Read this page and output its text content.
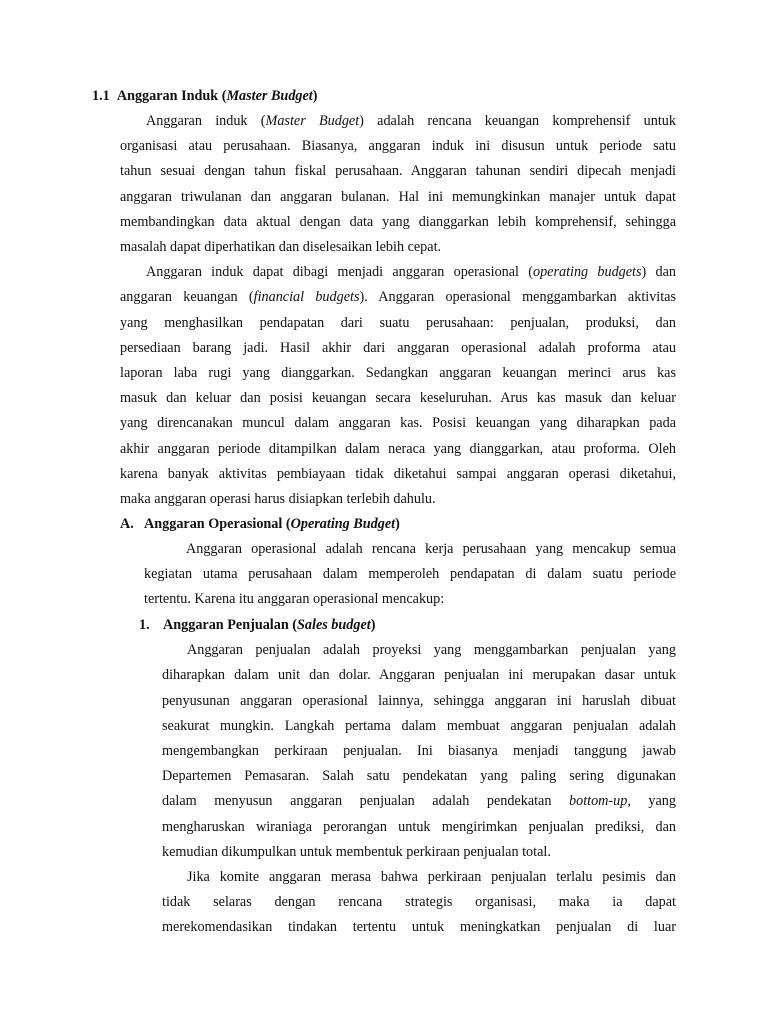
1.1 Anggaran Induk (Master Budget)
Anggaran induk (Master Budget) adalah rencana keuangan komprehensif untuk
organisasi atau perusahaan. Biasanya, anggaran induk ini disusun untuk periode satu
tahun sesuai dengan tahun fiskal perusahaan. Anggaran tahunan sendiri dipecah menjadi
anggaran triwulanan dan anggaran bulanan. Hal ini memungkinkan manajer untuk dapat
membandingkan data aktual dengan data yang dianggarkan lebih komprehensif, sehingga
masalah dapat diperhatikan dan diselesaikan lebih cepat.
Anggaran induk dapat dibagi menjadi anggaran operasional (operating budgets) dan
anggaran keuangan (financial budgets). Anggaran operasional menggambarkan aktivitas
yang menghasilkan pendapatan dari suatu perusahaan: penjualan, produksi, dan
persediaan barang jadi. Hasil akhir dari anggaran operasional adalah proforma atau
laporan laba rugi yang dianggarkan. Sedangkan anggaran keuangan merinci arus kas
masuk dan keluar dan posisi keuangan secara keseluruhan. Arus kas masuk dan keluar
yang direncanakan muncul dalam anggaran kas. Posisi keuangan yang diharapkan pada
akhir anggaran periode ditampilkan dalam neraca yang dianggarkan, atau proforma. Oleh
karena banyak aktivitas pembiayaan tidak diketahui sampai anggaran operasi diketahui,
maka anggaran operasi harus disiapkan terlebih dahulu.
A. Anggaran Operasional (Operating Budget)
Anggaran operasional adalah rencana kerja perusahaan yang mencakup semua
kegiatan utama perusahaan dalam memperoleh pendapatan di dalam suatu periode
tertentu. Karena itu anggaran operasional mencakup:
1. Anggaran Penjualan (Sales budget)
Anggaran penjualan adalah proyeksi yang menggambarkan penjualan yang
diharapkan dalam unit dan dolar. Anggaran penjualan ini merupakan dasar untuk
penyusunan anggaran operasional lainnya, sehingga anggaran ini haruslah dibuat
seakurat mungkin. Langkah pertama dalam membuat anggaran penjualan adalah
mengembangkan perkiraan penjualan. Ini biasanya menjadi tanggung jawab
Departemen Pemasaran. Salah satu pendekatan yang paling sering digunakan
dalam menyusun anggaran penjualan adalah pendekatan bottom-up, yang
mengharuskan wiraniaga perorangan untuk mengirimkan penjualan prediksi, dan
kemudian dikumpulkan untuk membentuk perkiraan penjualan total.
Jika komite anggaran merasa bahwa perkiraan penjualan terlalu pesimis dan
tidak selaras dengan rencana strategis organisasi, maka ia dapat
merekomendasikan tindakan tertentu untuk meningkatkan penjualan di luar
